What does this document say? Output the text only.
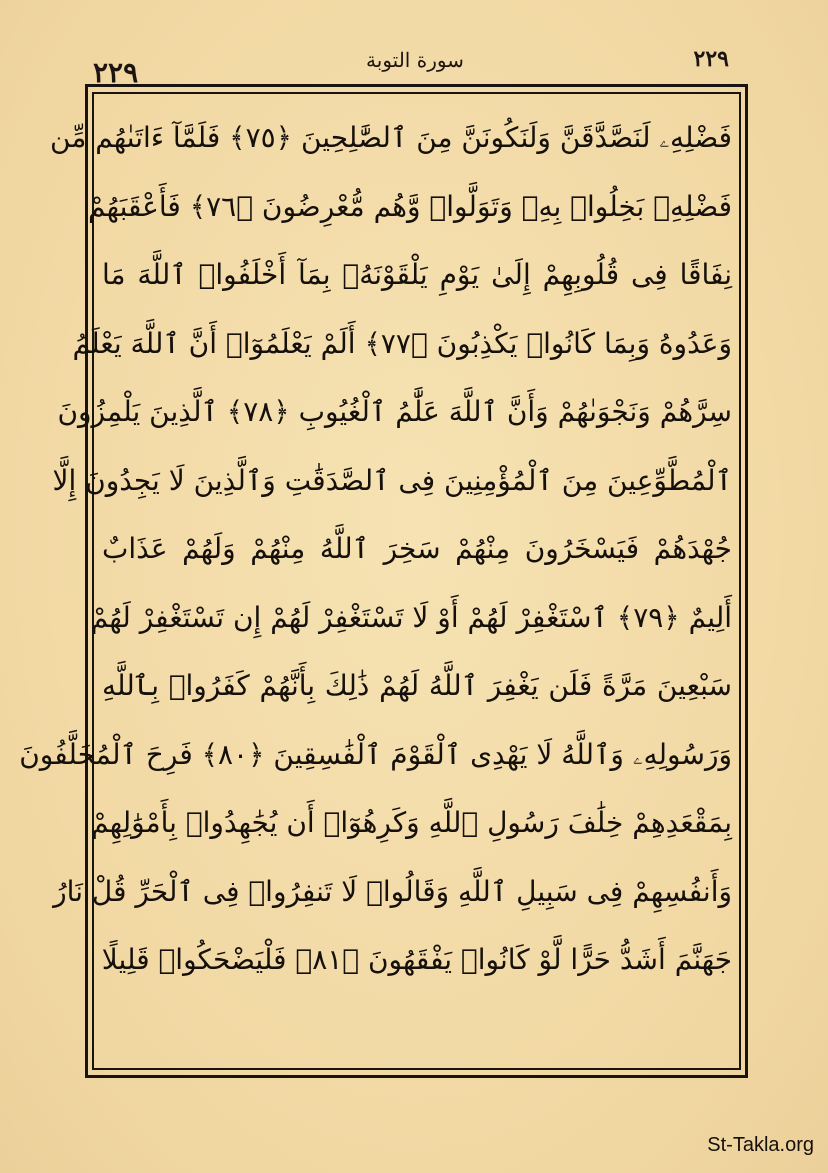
٢٢٩	سورة التوبة	٢٢٩
فَضْلِهِۦ لَنَصَّدَّقَنَّ وَلَنَكُونَنَّ مِنَ ٱلصَّٰلِحِينَ ﴿٧٥﴾ فَلَمَّآ ءَاتَىٰهُم مِّن
فَضْلِهِۦ بَخِلُوا۟ بِهِۦ وَتَوَلَّوا۟ وَّهُم مُّعْرِضُونَ ﴿٧٦﴾ فَأَعْقَبَهُمْ
نِفَاقًا فِى قُلُوبِهِمْ إِلَىٰ يَوْمِ يَلْقَوْنَهُۥ بِمَآ أَخْلَفُوا۟ ٱللَّهَ مَا
وَعَدُوهُ وَبِمَا كَانُوا۟ يَكْذِبُونَ ﴿٧٧﴾ أَلَمْ يَعْلَمُوٓا۟ أَنَّ ٱللَّهَ يَعْلَمُ
سِرَّهُمْ وَنَجْوَىٰهُمْ وَأَنَّ ٱللَّهَ عَلَّٰمُ ٱلْغُيُوبِ ﴿٧٨﴾ ٱلَّذِينَ يَلْمِزُونَ
ٱلْمُطَّوِّعِينَ مِنَ ٱلْمُؤْمِنِينَ فِى ٱلصَّدَقَٰتِ وَٱلَّذِينَ لَا يَجِدُونَ إِلَّا
جُهْدَهُمْ فَيَسْخَرُونَ مِنْهُمْ سَخِرَ ٱللَّهُ مِنْهُمْ وَلَهُمْ عَذَابٌ
أَلِيمٌ ﴿٧٩﴾ ٱسْتَغْفِرْ لَهُمْ أَوْ لَا تَسْتَغْفِرْ لَهُمْ إِن تَسْتَغْفِرْ لَهُمْ
سَبْعِينَ مَرَّةً فَلَن يَغْفِرَ ٱللَّهُ لَهُمْ ذَٰلِكَ بِأَنَّهُمْ كَفَرُوا۟ بِٱللَّهِ
وَرَسُولِهِۦ وَٱللَّهُ لَا يَهْدِى ٱلْقَوْمَ ٱلْفَٰسِقِينَ ﴿٨٠﴾ فَرِحَ ٱلْمُخَلَّفُونَ
بِمَقْعَدِهِمْ خِلَٰفَ رَسُولِ ٱللَّهِ وَكَرِهُوٓا۟ أَن يُجَٰهِدُوا۟ بِأَمْوَٰلِهِمْ
وَأَنفُسِهِمْ فِى سَبِيلِ ٱللَّهِ وَقَالُوا۟ لَا تَنفِرُوا۟ فِى ٱلْحَرِّ قُلْ نَارُ
جَهَنَّمَ أَشَدُّ حَرًّا لَّوْ كَانُوا۟ يَفْقَهُونَ ﴿٨١﴾ فَلْيَضْحَكُوا۟ قَلِيلًا
St-Takla.org
